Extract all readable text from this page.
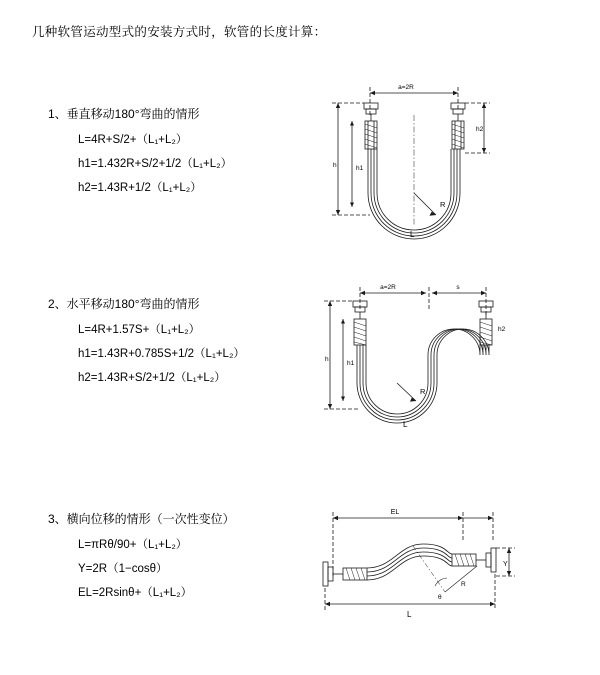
几种软管运动型式的安装方式时，软管的长度计算：

1、垂直移动180°弯曲的情形

L=4R+S/2+（L₁+L₂）

h1=1.432R+S/2+1/2（L₁+L₂）

h2=1.43R+1/2（L₁+L₂）

a=2R
R
h	h1
h2
L

2、水平移动180°弯曲的情形

L=4R+1.57S+（L₁+L₂）

h1=1.43R+0.785S+1/2（L₁+L₂）

h2=1.43R+S/2+1/2（L₁+L₂）

a=2R	s
R
h
h1
h2
L

3、横向位移的情形（一次性变位）

L=πRθ/90+（L₁+L₂）

Y=2R（1−cosθ）

EL=2Rsinθ+（L₁+L₂）

EL
Y
L
θ
R
